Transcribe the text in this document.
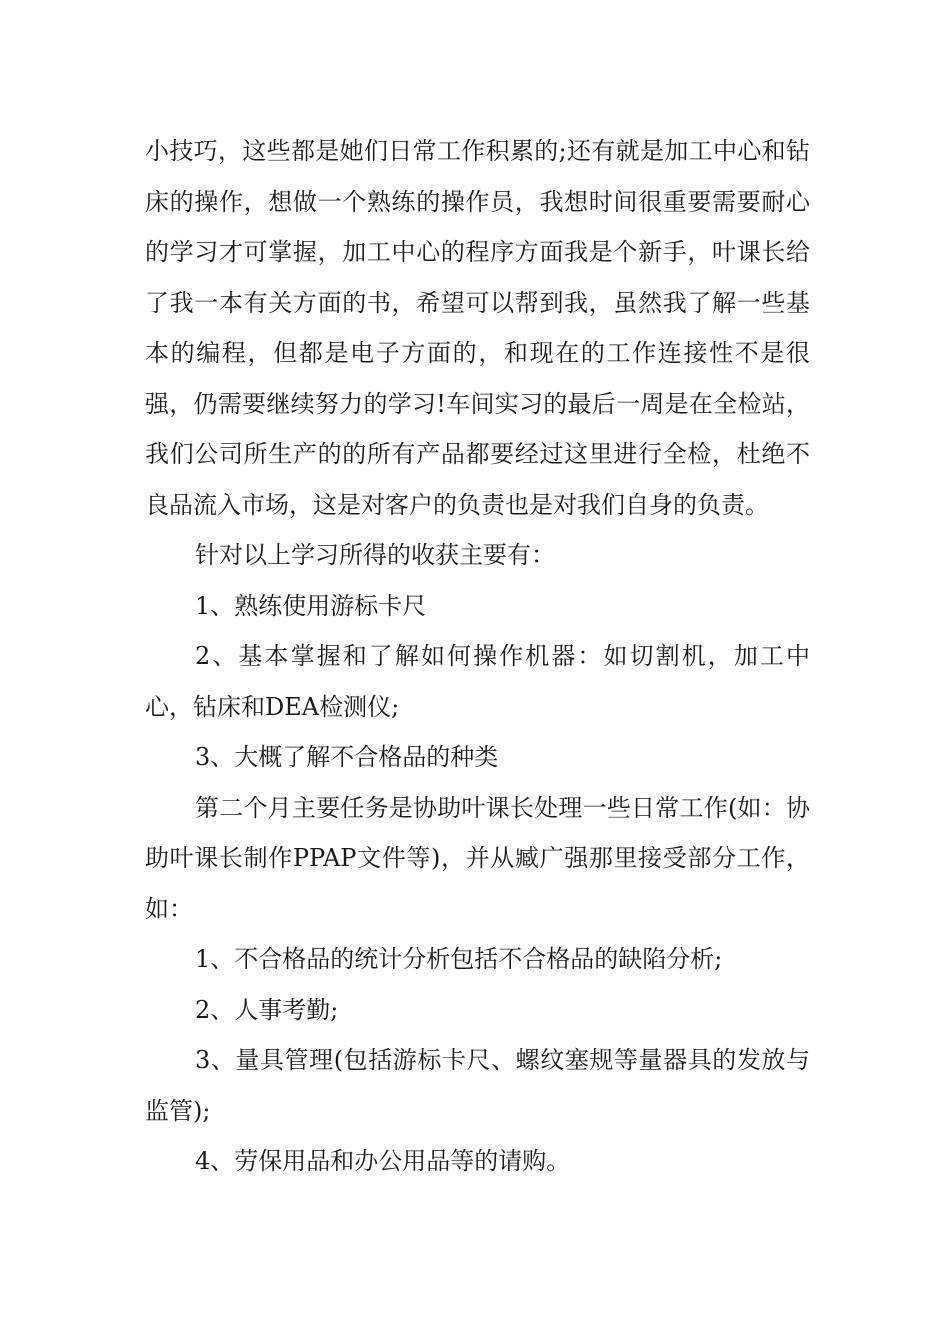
小技巧，这些都是她们日常工作积累的;还有就是加工中心和钻床的操作，想做一个熟练的操作员，我想时间很重要需要耐心的学习才可掌握，加工中心的程序方面我是个新手，叶课长给了我一本有关方面的书，希望可以帮到我，虽然我了解一些基本的编程，但都是电子方面的，和现在的工作连接性不是很强，仍需要继续努力的学习!车间实习的最后一周是在全检站，我们公司所生产的的所有产品都要经过这里进行全检，杜绝不良品流入市场，这是对客户的负责也是对我们自身的负责。

针对以上学习所得的收获主要有：

1、熟练使用游标卡尺

2、基本掌握和了解如何操作机器：如切割机，加工中心，钻床和DEA检测仪;

3、大概了解不合格品的种类

第二个月主要任务是协助叶课长处理一些日常工作(如：协助叶课长制作PPAP文件等)，并从臧广强那里接受部分工作，如：

1、不合格品的统计分析包括不合格品的缺陷分析;

2、人事考勤;

3、量具管理(包括游标卡尺、螺纹塞规等量器具的发放与监管);

4、劳保用品和办公用品等的请购。
